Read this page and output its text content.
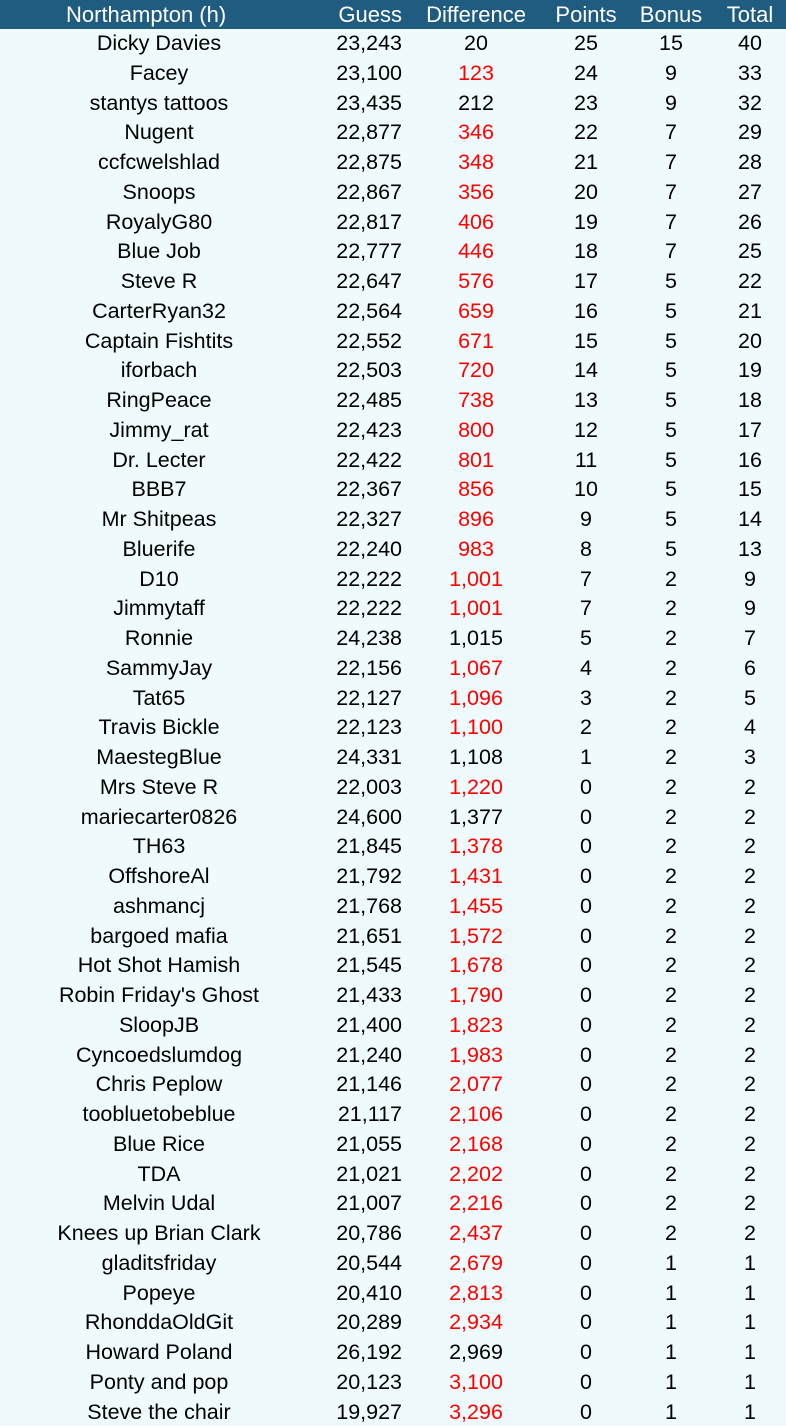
Northampton (h)	Guess	Difference	Points	Bonus	Total
Dicky Davies	23,243	20	25	15	40
Facey	23,100	123	24	9	33
stantys tattoos	23,435	212	23	9	32
Nugent	22,877	346	22	7	29
ccfcwelshlad	22,875	348	21	7	28
Snoops	22,867	356	20	7	27
RoyalyG80	22,817	406	19	7	26
Blue Job	22,777	446	18	7	25
Steve R	22,647	576	17	5	22
CarterRyan32	22,564	659	16	5	21
Captain Fishtits	22,552	671	15	5	20
iforbach	22,503	720	14	5	19
RingPeace	22,485	738	13	5	18
Jimmy_rat	22,423	800	12	5	17
Dr. Lecter	22,422	801	11	5	16
BBB7	22,367	856	10	5	15
Mr Shitpeas	22,327	896	9	5	14
Bluerife	22,240	983	8	5	13
D10	22,222	1,001	7	2	9
Jimmytaff	22,222	1,001	7	2	9
Ronnie	24,238	1,015	5	2	7
SammyJay	22,156	1,067	4	2	6
Tat65	22,127	1,096	3	2	5
Travis Bickle	22,123	1,100	2	2	4
MaestegBlue	24,331	1,108	1	2	3
Mrs Steve R	22,003	1,220	0	2	2
mariecarter0826	24,600	1,377	0	2	2
TH63	21,845	1,378	0	2	2
OffshoreAl	21,792	1,431	0	2	2
ashmancj	21,768	1,455	0	2	2
bargoed mafia	21,651	1,572	0	2	2
Hot Shot Hamish	21,545	1,678	0	2	2
Robin Friday's Ghost	21,433	1,790	0	2	2
SloopJB	21,400	1,823	0	2	2
Cyncoedslumdog	21,240	1,983	0	2	2
Chris Peplow	21,146	2,077	0	2	2
toobluetobeblue	21,117	2,106	0	2	2
Blue Rice	21,055	2,168	0	2	2
TDA	21,021	2,202	0	2	2
Melvin Udal	21,007	2,216	0	2	2
Knees up Brian Clark	20,786	2,437	0	2	2
gladitsfriday	20,544	2,679	0	1	1
Popeye	20,410	2,813	0	1	1
RhonddaOldGit	20,289	2,934	0	1	1
Howard Poland	26,192	2,969	0	1	1
Ponty and pop	20,123	3,100	0	1	1
Steve the chair	19,927	3,296	0	1	1
